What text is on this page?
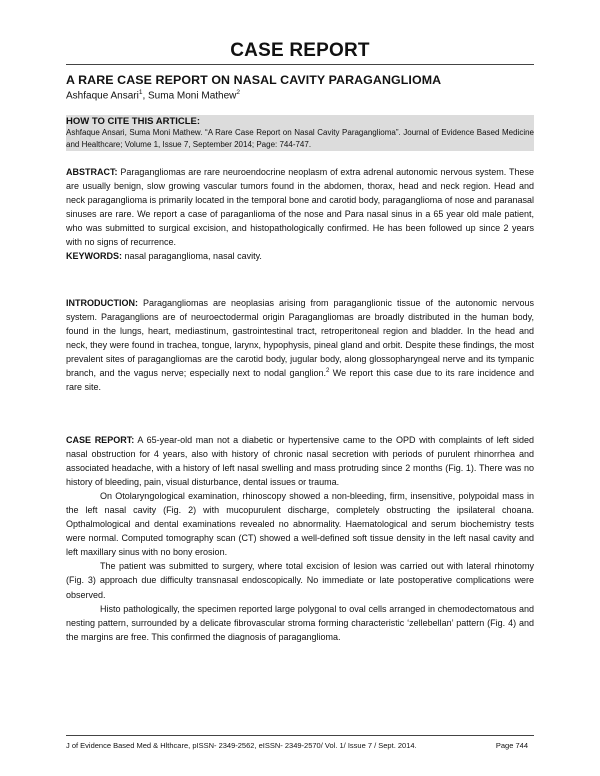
CASE REPORT
A RARE CASE REPORT ON NASAL CAVITY PARAGANGLIOMA
Ashfaque Ansari$^1$, Suma Moni Mathew$^2$
HOW TO CITE THIS ARTICLE:
Ashfaque Ansari, Suma Moni Mathew. “A Rare Case Report on Nasal Cavity Paraganglioma”. Journal of Evidence Based Medicine and Healthcare; Volume 1, Issue 7, September 2014; Page: 744-747.

ABSTRACT: Paragangliomas are rare neuroendocrine neoplasm of extra adrenal autonomic nervous system. These are usually benign, slow growing vascular tumors found in the abdomen, thorax, head and neck region. Head and neck paraganglioma is primarily located in the temporal bone and carotid body, paraganglioma of nose and paranasal sinuses are rare. We report a case of paraganlioma of the nose and Para nasal sinus in a 65 year old male patient, who was submitted to surgical excision, and histopathologically confirmed. He has been followed up since 2 years with no signs of recurrence.

KEYWORDS: nasal paraganglioma, nasal cavity.

INTRODUCTION: Paragangliomas are neoplasias arising from paraganglionic tissue of the autonomic nervous system. Paraganglions are of neuroectodermal origin Paragangliomas are broadly distributed in the human body, found in the lungs, heart, mediastinum, gastrointestinal tract, retroperitoneal region and bladder. In the head and neck, they were found in trachea, tongue, larynx, hypophysis, pineal gland and orbit. Despite these findings, the most prevalent sites of paragangliomas are the carotid body, jugular body, along glossopharyngeal nerve and its tympanic branch, and the vagus nerve; especially next to nodal ganglion.$^2$ We report this case due to its rare incidence and rare site.

CASE REPORT: A 65-year-old man not a diabetic or hypertensive came to the OPD with complaints of left sided nasal obstruction for 4 years, also with history of chronic nasal secretion with periods of purulent rhinorrhea and associated headache, with a history of left nasal swelling and mass protruding since 2 months (Fig. 1). There was no history of bleeding, pain, visual disturbance, dental issues or trauma.

On Otolaryngological examination, rhinoscopy showed a non-bleeding, firm, insensitive, polypoidal mass in the left nasal cavity (Fig. 2) with mucopurulent discharge, completely obstructing the ipsilateral choana. Opthalmological and dental examinations revealed no abnormality. Haematological and serum biochemistry tests were normal. Computed tomography scan (CT) showed a well-defined soft tissue density in the left nasal cavity and left maxillary sinus with no bony erosion.

The patient was submitted to surgery, where total excision of lesion was carried out with lateral rhinotomy (Fig. 3) approach due difficulty transnasal endoscopically. No immediate or late postoperative complications were observed.

Histo pathologically, the specimen reported large polygonal to oval cells arranged in chemodectomatous and nesting pattern, surrounded by a delicate fibrovascular stroma forming characteristic ‘zellebellan’ pattern (Fig. 4) and the margins are free. This confirmed the diagnosis of paraganglioma.

J of Evidence Based Med & Hlthcare, pISSN- 2349-2562, eISSN- 2349-2570/ Vol. 1/ Issue 7 / Sept. 2014.	Page 744
